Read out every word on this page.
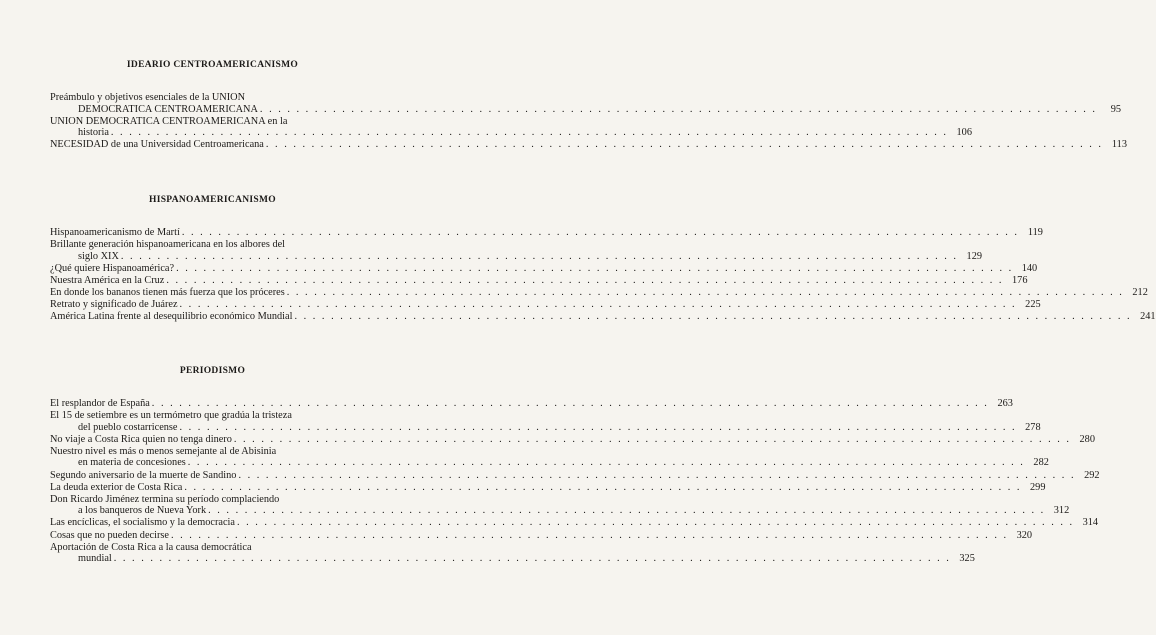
IDEARIO CENTROAMERICANISMO
Preámbulo y objetivos esenciales de la UNION
DEMOCRATICA CENTROAMERICANA . . .	95
UNION DEMOCRATICA CENTROAMERICANA en la
historia . . .	106
NECESIDAD de una Universidad Centroamericana . . .	113
HISPANOAMERICANISMO
Hispanoamericanismo de Martí . . .	119
Brillante generación hispanoamericana en los albores del
siglo XIX . . .	129
¿Qué quiere Hispanoamérica? . . .	140
Nuestra América en la Cruz . . .	176
En donde los bananos tienen más fuerza que los próceres . . .	212
Retrato y significado de Juárez . . .	225
América Latina frente al desequilibrio económico Mundial . . .	241
PERIODISMO
El resplandor de España . . .	263
El 15 de setiembre es un termómetro que gradúa la tristeza
del pueblo costarricense . . .	278
No viaje a Costa Rica quien no tenga dinero . . .	280
Nuestro nivel es más o menos semejante al de Abisinia
en materia de concesiones . . .	282
Segundo aniversario de la muerte de Sandino . . .	292
La deuda exterior de Costa Rica . . .	299
Don Ricardo Jiménez termina su período complaciendo
a los banqueros de Nueva York . . .	312
Las encíclicas, el socialismo y la democracia . . .	314
Cosas que no pueden decirse . . .	320
Aportación de Costa Rica a la causa democrática
mundial . . .	325
